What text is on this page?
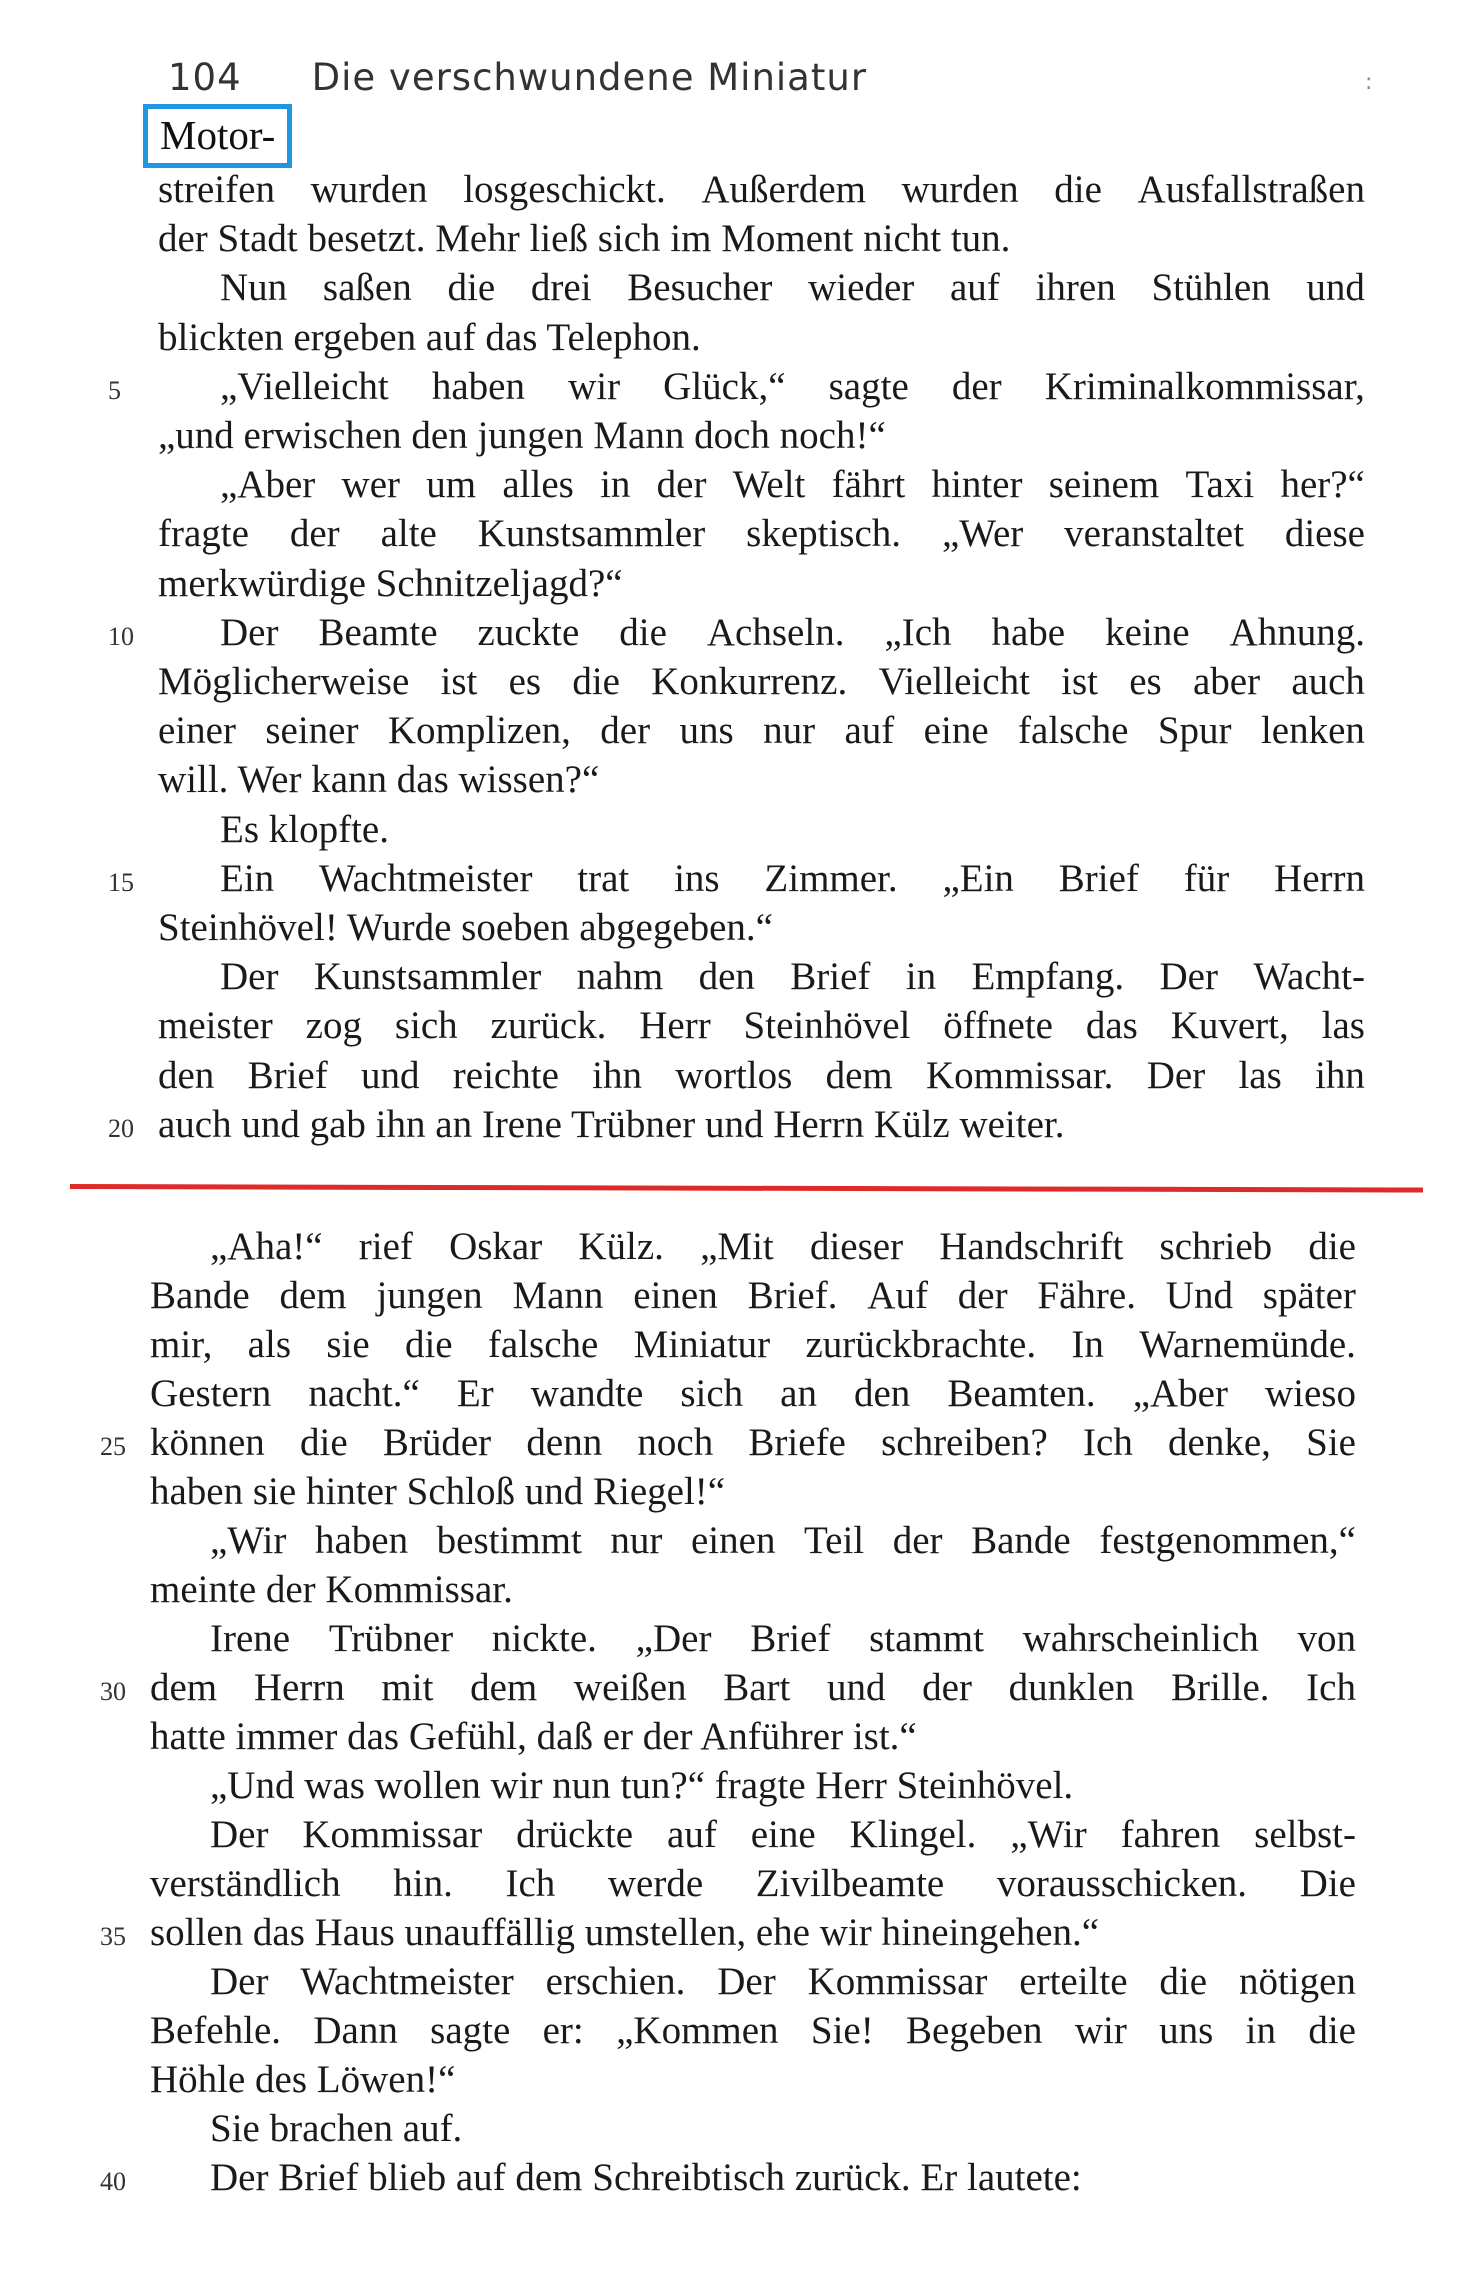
104 Die verschwundene Miniatur	:
Motor-
streifen wurden losgeschickt. Außerdem wurden die Ausfallstraßen
der Stadt besetzt. Mehr ließ sich im Moment nicht tun.
Nun saßen die drei Besucher wieder auf ihren Stühlen und
blickten ergeben auf das Telephon.
„Vielleicht haben wir Glück,“ sagte der Kriminalkommissar,
5
„und erwischen den jungen Mann doch noch!“
„Aber wer um alles in der Welt fährt hinter seinem Taxi her?“
fragte der alte Kunstsammler skeptisch. „Wer veranstaltet diese
merkwürdige Schnitzeljagd?“
Der Beamte zuckte die Achseln. „Ich habe keine Ahnung.
10
Möglicherweise ist es die Konkurrenz. Vielleicht ist es aber auch
einer seiner Komplizen, der uns nur auf eine falsche Spur lenken
will. Wer kann das wissen?“
Es klopfte.
Ein Wachtmeister trat ins Zimmer. „Ein Brief für Herrn
15
Steinhövel! Wurde soeben abgegeben.“
Der Kunstsammler nahm den Brief in Empfang. Der Wacht-
meister zog sich zurück. Herr Steinhövel öffnete das Kuvert, las
den Brief und reichte ihn wortlos dem Kommissar. Der las ihn
auch und gab ihn an Irene Trübner und Herrn Külz weiter.
20
„Aha!“ rief Oskar Külz. „Mit dieser Handschrift schrieb die
Bande dem jungen Mann einen Brief. Auf der Fähre. Und später
mir, als sie die falsche Miniatur zurückbrachte. In Warnemünde.
Gestern nacht.“ Er wandte sich an den Beamten. „Aber wieso
können die Brüder denn noch Briefe schreiben? Ich denke, Sie
25
haben sie hinter Schloß und Riegel!“
„Wir haben bestimmt nur einen Teil der Bande festgenommen,“
meinte der Kommissar.
Irene Trübner nickte. „Der Brief stammt wahrscheinlich von
dem Herrn mit dem weißen Bart und der dunklen Brille. Ich
30
hatte immer das Gefühl, daß er der Anführer ist.“
„Und was wollen wir nun tun?“ fragte Herr Steinhövel.
Der Kommissar drückte auf eine Klingel. „Wir fahren selbst-
verständlich hin. Ich werde Zivilbeamte vorausschicken. Die
sollen das Haus unauffällig umstellen, ehe wir hineingehen.“
35
Der Wachtmeister erschien. Der Kommissar erteilte die nötigen
Befehle. Dann sagte er: „Kommen Sie! Begeben wir uns in die
Höhle des Löwen!“
Sie brachen auf.
Der Brief blieb auf dem Schreibtisch zurück. Er lautete:
40
